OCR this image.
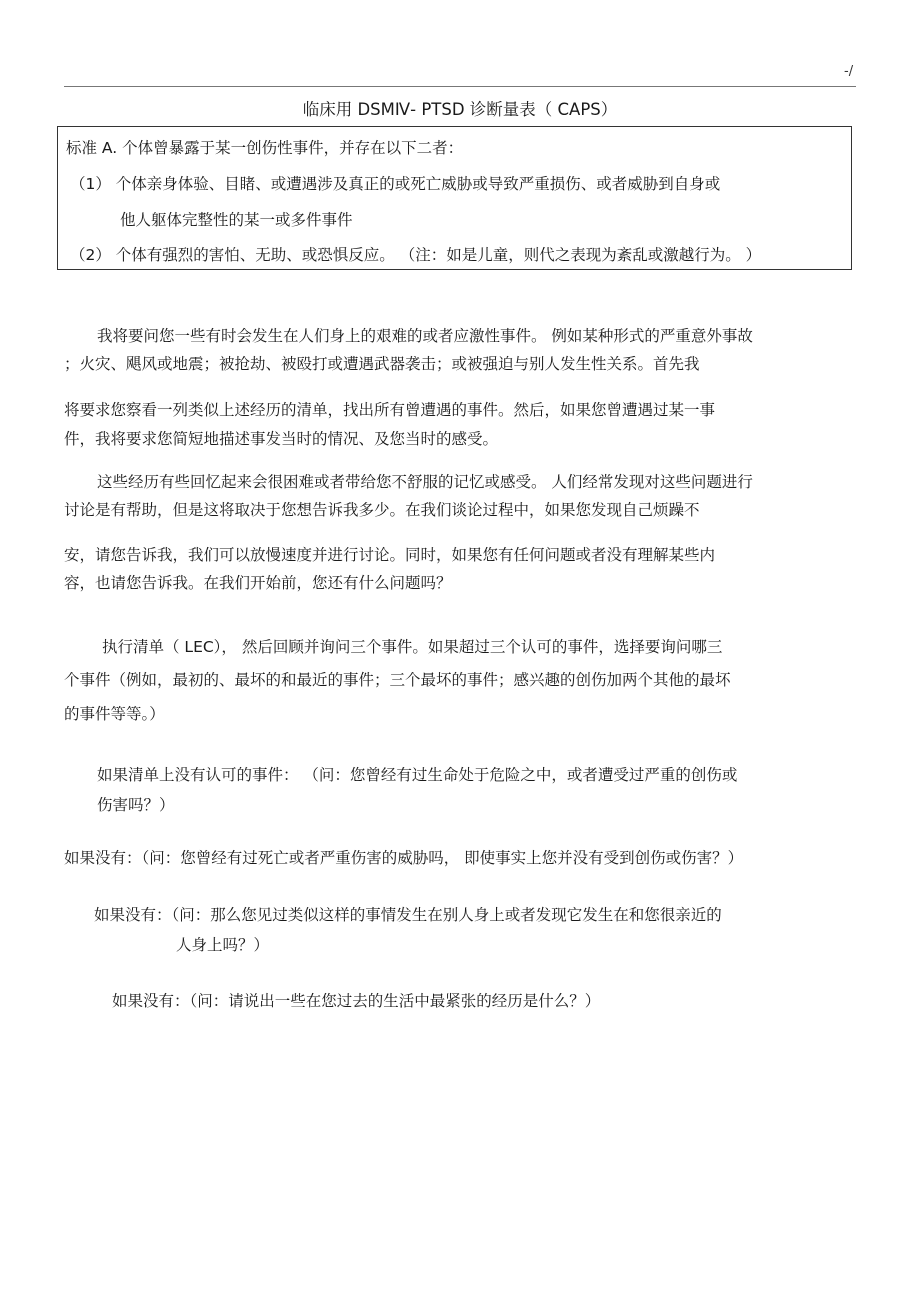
-/
临床用 DSMⅣ- PTSD 诊断量表（ CAPS）
标准 A. 个体曾暴露于某一创伤性事件，并存在以下二者：
（1） 个体亲身体验、目睹、或遭遇涉及真正的或死亡威胁或导致严重损伤、或者威胁到自身或
他人躯体完整性的某一或多件事件
（2） 个体有强烈的害怕、无助、或恐惧反应。 （注：如是儿童，则代之表现为紊乱或激越行为。 ）
我将要问您一些有时会发生在人们身上的艰难的或者应激性事件。 例如某种形式的严重意外事故
；火灾、飓风或地震；被抢劫、被殴打或遭遇武器袭击；或被强迫与别人发生性关系。首先我
将要求您察看一列类似上述经历的清单，找出所有曾遭遇的事件。然后，如果您曾遭遇过某一事
件，我将要求您简短地描述事发当时的情况、及您当时的感受。
这些经历有些回忆起来会很困难或者带给您不舒服的记忆或感受。 人们经常发现对这些问题进行
讨论是有帮助，但是这将取决于您想告诉我多少。在我们谈论过程中，如果您发现自己烦躁不
安，请您告诉我，我们可以放慢速度并进行讨论。同时，如果您有任何问题或者没有理解某些内
容，也请您告诉我。在我们开始前，您还有什么问题吗？
执行清单（ LEC）， 然后回顾并询问三个事件。如果超过三个认可的事件，选择要询问哪三
个事件（例如，最初的、最坏的和最近的事件；三个最坏的事件；感兴趣的创伤加两个其他的最坏
的事件等等。）
如果清单上没有认可的事件： （问：您曾经有过生命处于危险之中，或者遭受过严重的创伤或
伤害吗？）
如果没有：（问：您曾经有过死亡或者严重伤害的威胁吗， 即使事实上您并没有受到创伤或伤害？）
如果没有：（问：那么您见过类似这样的事情发生在别人身上或者发现它发生在和您很亲近的
人身上吗？）
如果没有：（问：请说出一些在您过去的生活中最紧张的经历是什么？）
